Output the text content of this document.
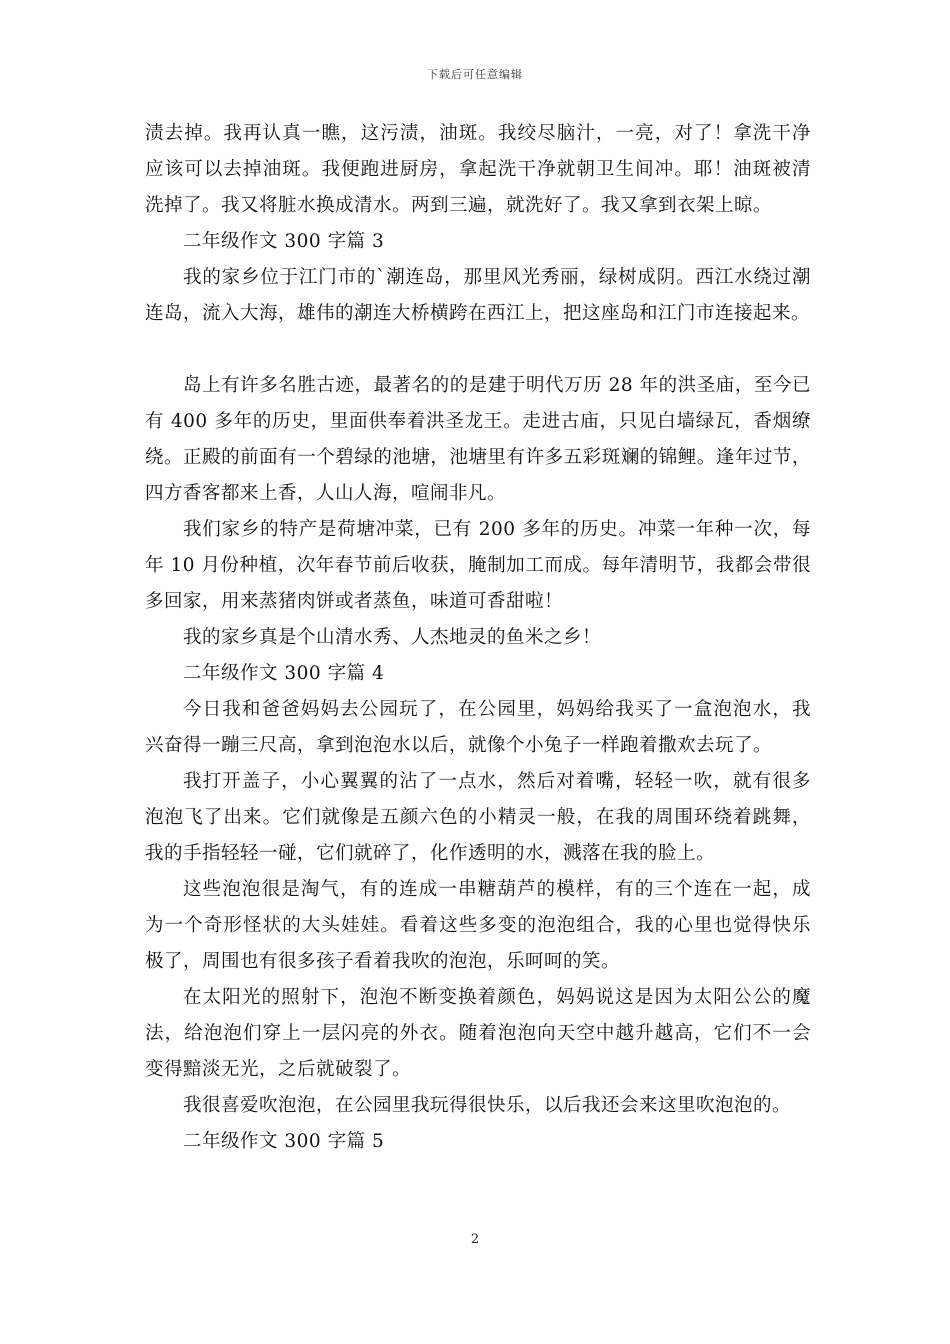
下载后可任意编辑
渍去掉。我再认真一瞧，这污渍，油斑。我绞尽脑汁，一亮，对了！拿洗干净
应该可以去掉油斑。我便跑进厨房，拿起洗干净就朝卫生间冲。耶！油斑被清
洗掉了。我又将脏水换成清水。两到三遍，就洗好了。我又拿到衣架上晾。
二年级作文 300 字篇 3
我的家乡位于江门市的`潮连岛，那里风光秀丽，绿树成阴。西江水绕过潮
连岛，流入大海，雄伟的潮连大桥横跨在西江上，把这座岛和江门市连接起来。
岛上有许多名胜古迹，最著名的的是建于明代万历 28 年的洪圣庙，至今已
有 400 多年的历史，里面供奉着洪圣龙王。走进古庙，只见白墙绿瓦，香烟缭
绕。正殿的前面有一个碧绿的池塘，池塘里有许多五彩斑斓的锦鲤。逢年过节，
四方香客都来上香，人山人海，喧闹非凡。
我们家乡的特产是荷塘冲菜，已有 200 多年的历史。冲菜一年种一次，每
年 10 月份种植，次年春节前后收获，腌制加工而成。每年清明节，我都会带很
多回家，用来蒸猪肉饼或者蒸鱼，味道可香甜啦！
我的家乡真是个山清水秀、人杰地灵的鱼米之乡！
二年级作文 300 字篇 4
今日我和爸爸妈妈去公园玩了，在公园里，妈妈给我买了一盒泡泡水，我
兴奋得一蹦三尺高，拿到泡泡水以后，就像个小兔子一样跑着撒欢去玩了。
我打开盖子，小心翼翼的沾了一点水，然后对着嘴，轻轻一吹，就有很多
泡泡飞了出来。它们就像是五颜六色的小精灵一般，在我的周围环绕着跳舞，
我的手指轻轻一碰，它们就碎了，化作透明的水，溅落在我的脸上。
这些泡泡很是淘气，有的连成一串糖葫芦的模样，有的三个连在一起，成
为一个奇形怪状的大头娃娃。看着这些多变的泡泡组合，我的心里也觉得快乐
极了，周围也有很多孩子看着我吹的泡泡，乐呵呵的笑。
在太阳光的照射下，泡泡不断变换着颜色，妈妈说这是因为太阳公公的魔
法，给泡泡们穿上一层闪亮的外衣。随着泡泡向天空中越升越高，它们不一会
变得黯淡无光，之后就破裂了。
我很喜爱吹泡泡，在公园里我玩得很快乐，以后我还会来这里吹泡泡的。
二年级作文 300 字篇 5
2
